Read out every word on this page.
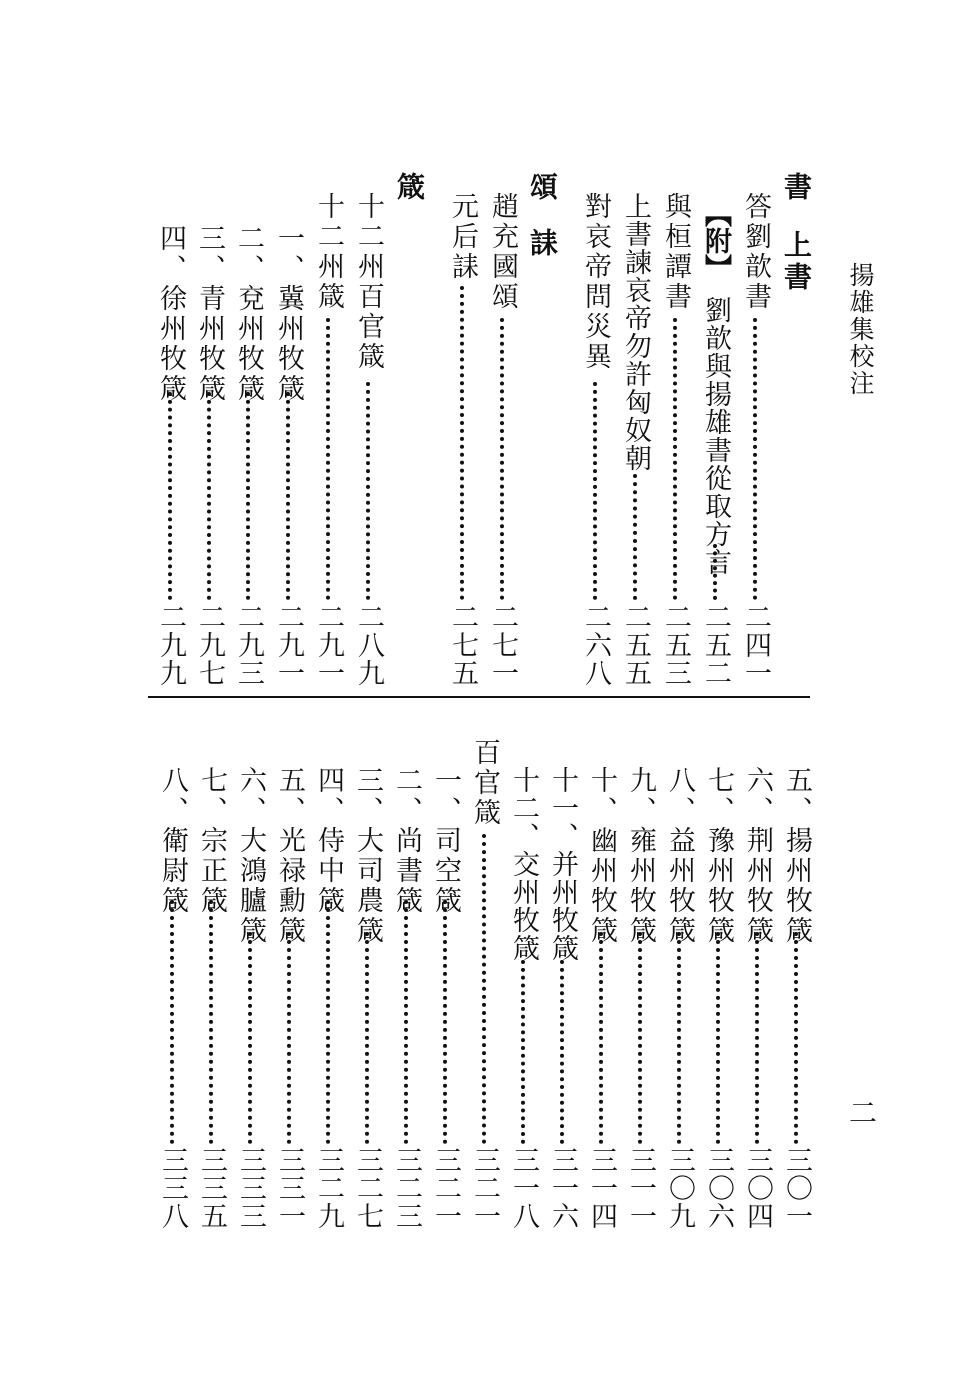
揚雄集校注
二
書
上書
答劉歆書
二四一
【附】
劉歆與揚雄書從取方言
二五二
與桓譚書
二五三
上書諫哀帝勿許匈奴朝
二五五
對哀帝問災異
二六八
頌
趙充國頌
二七一
誄
元后誄
二七五
箴
十二州百官箴
二八九
十二州箴
二九一
一、冀州牧箴
二九一
二、兗州牧箴
二九三
三、青州牧箴
二九七
四、徐州牧箴
二九九
五、揚州牧箴
三〇一
六、荆州牧箴
三〇四
七、豫州牧箴
三〇六
八、益州牧箴
三〇九
九、雍州牧箴
三一一
十、幽州牧箴
三一四
十一、并州牧箴
三一六
十二、交州牧箴
三一八
百官箴
三二一
一、司空箴
三二一
二、尚書箴
三二三
三、大司農箴
三二七
四、侍中箴
三二九
五、光禄勳箴
三三一
六、大鴻臚箴
三三三
七、宗正箴
三三五
八、衛尉箴
三三八
